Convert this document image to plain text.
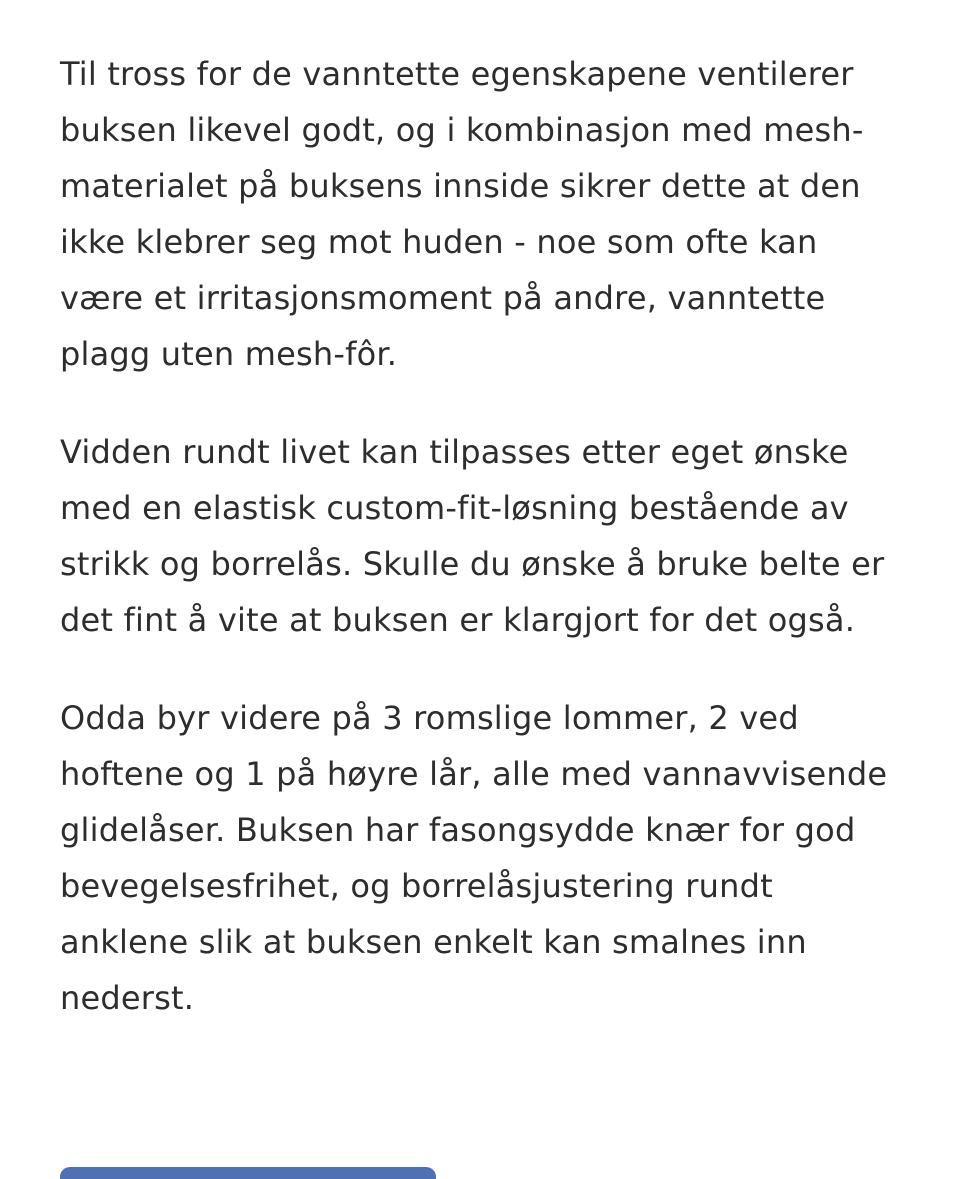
Til tross for de vanntette egenskapene ventilerer buksen likevel godt, og i kombinasjon med mesh-materialet på buksens innside sikrer dette at den ikke klebrer seg mot huden - noe som ofte kan være et irritasjonsmoment på andre, vanntette plagg uten mesh-fôr.

Vidden rundt livet kan tilpasses etter eget ønske med en elastisk custom-fit-løsning bestående av strikk og borrelås. Skulle du ønske å bruke belte er det fint å vite at buksen er klargjort for det også.

Odda byr videre på 3 romslige lommer, 2 ved hoftene og 1 på høyre lår, alle med vannavvisende glidelåser. Buksen har fasongsydde knær for god bevegelsesfrihet, og borrelåsjustering rundt anklene slik at buksen enkelt kan smalnes inn nederst.
